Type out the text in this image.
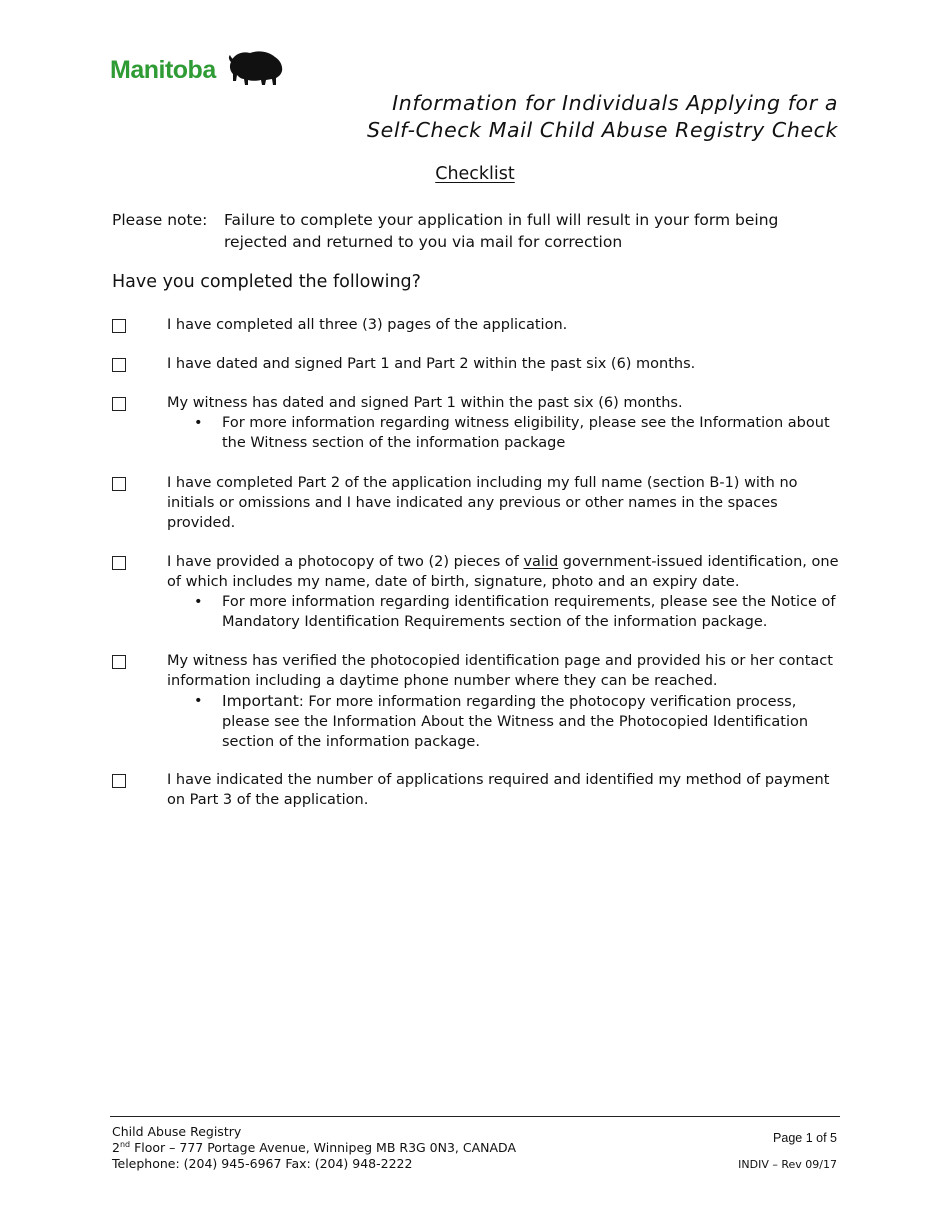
Manitoba
Information for Individuals Applying for a
Self-Check Mail Child Abuse Registry Check
Checklist
Please note: Failure to complete your application in full will result in your form being rejected and returned to you via mail for correction
Have you completed the following?
I have completed all three (3) pages of the application.
I have dated and signed Part 1 and Part 2 within the past six (6) months.
My witness has dated and signed Part 1 within the past six (6) months.
• For more information regarding witness eligibility, please see the Information about the Witness section of the information package
I have completed Part 2 of the application including my full name (section B-1) with no initials or omissions and I have indicated any previous or other names in the spaces provided.
I have provided a photocopy of two (2) pieces of valid government-issued identification, one of which includes my name, date of birth, signature, photo and an expiry date.
• For more information regarding identification requirements, please see the Notice of Mandatory Identification Requirements section of the information package.
My witness has verified the photocopied identification page and provided his or her contact information including a daytime phone number where they can be reached.
• Important: For more information regarding the photocopy verification process, please see the Information About the Witness and the Photocopied Identification section of the information package.
I have indicated the number of applications required and identified my method of payment on Part 3 of the application.
Child Abuse Registry
2nd Floor – 777 Portage Avenue, Winnipeg MB R3G 0N3, CANADA
Telephone: (204) 945-6967 Fax: (204) 948-2222
Page 1 of 5
INDIV – Rev 09/17
